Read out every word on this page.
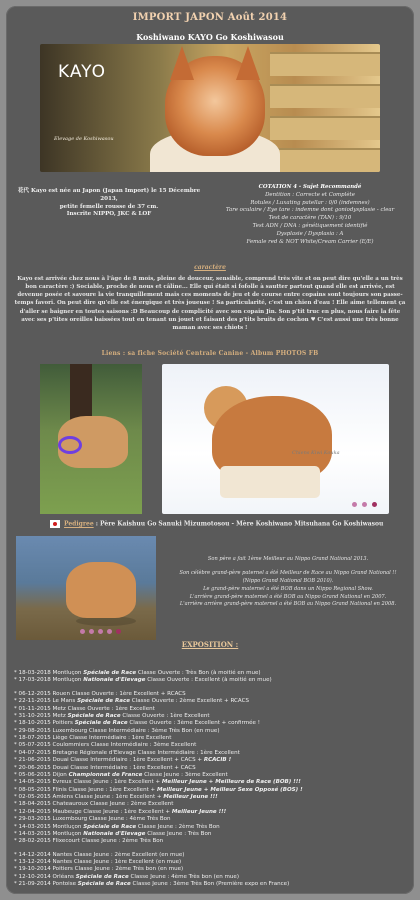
IMPORT JAPON Août 2014
Koshiwano KAYO Go Koshiwasou
KAYO
Elevage de Koshiwasou
花代 Kayo est née au Japon (Japan Import) le 15 Décembre 2013,
petite femelle rousse de 37 cm.
Inscrite NIPPO, JKC & LOF
COTATION 4 - Sujet Recommandé
Dentition : Correcte et Complète
Rotules / Luxating patellar : 0/0 (indemnes)
Tare oculaire / Eye tare : indemne dont goniodysplasie - clear
Test de caractère (TAN) : 9/10
Test ADN / DNA : génétiquement identifié
Dysplasie / Dysplasia : A
Female red & NOT White/Cream Carrier (E/E)
caractère
Kayo est arrivée chez nous à l'âge de 8 mois, pleine de douceur, sensible, comprend très vite et on peut dire qu'elle a un très bon caractère :) Sociable, proche de nous et câline... Elle qui était si fofolle à sautter partout quand elle est arrivée, est devenue posée et savoure la vie tranquillement mais ces moments de jeu et de course entre copains sont toujours son passe-temps favori. On peut dire qu'elle est énergique et très joueuse ! Sa particularité, c'est un chien d'eau ! Elle aime tellement ça d'aller se baigner en toutes saisons :D Beaucoup de complicité avec son copain Jin. Son p'tit truc en plus, nous faire la fête avec ses p'tites oreilles baissées tout en tenant un jouet et faisant des p'tits bruits de cochon ♥ C'est aussi une très bonne maman avec ses chiots !
Liens : sa fiche Société Centrale Canine - Album PHOTOS FB
Chiens Kiwi Kouka
Pedigree : Père Kaishuu Go Sanuki Mizumotosou - Mère Koshiwano Mitsuhana Go Koshiwasou
Son père a fait 1ème Meilleur au Nippo Grand National 2013.
Son célèbre grand-père paternel a été Meilleur de Race au Nippo Grand National !!
(Nippo Grand National BOB 2010).
Le grand-père maternel a été BOB dans un Nippo Regional Show.
L'arrière grand-père maternel a été BOB au Nippo Grand National en 2007.
L'arrière arrière grand-père maternel a été BOB au Nippo Grand National en 2008.
EXPOSITION :
* 18-03-2018 Montluçon Spéciale de Race Classe Ouverte : Très Bon (à moitié en mue)
* 17-03-2018 Montluçon Nationale d'Elevage Classe Ouverte : Excellent (à moitié en mue)
* 06-12-2015 Rouen Classe Ouverte : 1ère Excellent + RCACS
* 22-11-2015 Le Mans Spéciale de Race Classe Ouverte : 2ème Excellent + RCACS
* 01-11-2015 Metz Classe Ouverte : 1ère Excellent
* 31-10-2015 Metz Spéciale de Race Classe Ouverte : 1ère Excellent
* 18-10-2015 Poitiers Spéciale de Race Classe Ouverte : 3ème Excellent + confirmée !
* 29-08-2015 Luxembourg Classe Intermédiaire : 3ème Très Bon (en mue)
* 18-07-2015 Liège Classe Intermédiaire : 1ère Excellent
* 05-07-2015 Coulommiers Classe Intermédiaire : 3ème Excellent
* 04-07-2015 Bretagne Régionale d'Elevage Classe Intermédiaire : 1ère Excellent
* 21-06-2015 Douai Classe Intermédiaire : 1ère Excellent + CACS + RCACIB !
* 20-06-2015 Douai Classe Intermédiaire : 1ère Excellent + CACS
* 05-06-2015 Dijon Championnat de France Classe Jeune : 3ème Excellent
* 14-05-2015 Evreux Classe Jeune : 1ère Excellent + Meilleur Jeune + Meilleure de Race (BOB) !!!
* 08-05-2015 Flinis Classe Jeune : 1ère Excellent + Meilleur Jeune + Meilleur Sexe Opposé (BOS) !
* 02-05-2015 Amiens Classe Jeune : 1ère Excellent + Meilleur Jeune !!!
* 18-04-2015 Chateauroux Classe Jeune : 2ème Excellent
* 12-04-2015 Maubeuge Classe Jeune : 1ère Excellent + Meilleur Jeune !!!
* 29-03-2015 Luxembourg Classe Jeune : 4ème Très Bon
* 14-03-2015 Montluçon Spéciale de Race Classe Jeune : 2ème Très Bon
* 14-03-2015 Montluçon Nationale d'Elevage Classe Jeune : Très Bon
* 28-02-2015 Flixecourt Classe Jeune : 2ème Très Bon
* 14-12-2014 Nantes Classe Jeune : 2ème Excellent (en mue)
* 13-12-2014 Nantes Classe Jeune : 1ère Excellent (en mue)
* 19-10-2014 Poitiers Classe Jeune : 2ème Très bon (en mue)
* 12-10-2014 Orléans Spéciale de Race Classe Jeune : 4ème Très bon (en mue)
* 21-09-2014 Pontoise Spéciale de Race Classe Jeune : 3ème Très Bon (Première expo en France)
